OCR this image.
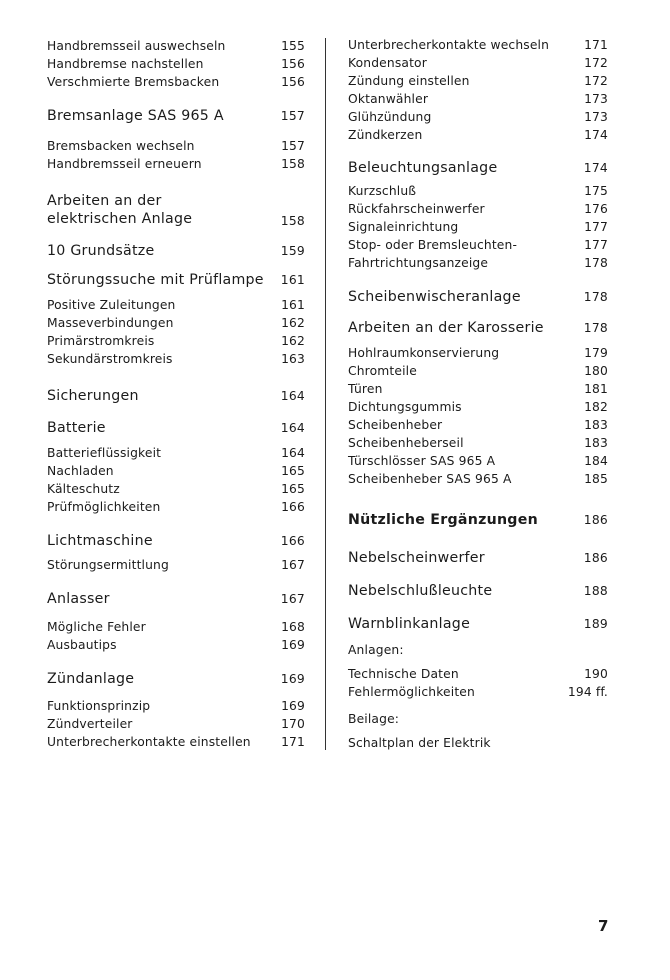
Handbremsseil auswechseln	155
Handbremse nachstellen	156
Verschmierte Bremsbacken	156
Bremsanlage SAS 965 A	157
Bremsbacken wechseln	157
Handbremsseil erneuern	158
Arbeiten an der
elektrischen Anlage	158
10 Grundsätze	159
Störungssuche mit Prüflampe 161
Positive Zuleitungen	161
Masseverbindungen	162
Primärstromkreis	162
Sekundärstromkreis	163
Sicherungen	164
Batterie	164
Batterieflüssigkeit	164
Nachladen	165
Kälteschutz	165
Prüfmöglichkeiten	166
Lichtmaschine	166
Störungsermittlung	167
Anlasser	167
Mögliche Fehler	168
Ausbautips	169
Zündanlage	169
Funktionsprinzip	169
Zündverteiler	170
Unterbrecherkontakte einstellen 171
Unterbrecherkontakte wechseln	171
Kondensator	172
Zündung einstellen	172
Oktanwähler	173
Glühzündung	173
Zündkerzen	174
Beleuchtungsanlage	174
Kurzschluß	175
Rückfahrscheinwerfer	176
Signaleinrichtung	177
Stop- oder Bremsleuchten-	177
Fahrtrichtungsanzeige	178
Scheibenwischeranlage	178
Arbeiten an der Karosserie	178
Hohlraumkonservierung	179
Chromteile	180
Türen	181
Dichtungsgummis	182
Scheibenheber	183
Scheibenheberseil	183
Türschlösser SAS 965 A	184
Scheibenheber SAS 965 A	185
Nützliche Ergänzungen	186
Nebelscheinwerfer	186
Nebelschlußleuchte	188
Warnblinkanlage	189
Anlagen:
Technische Daten	190
Fehlermöglichkeiten	194 ff.
Beilage:
Schaltplan der Elektrik
7
